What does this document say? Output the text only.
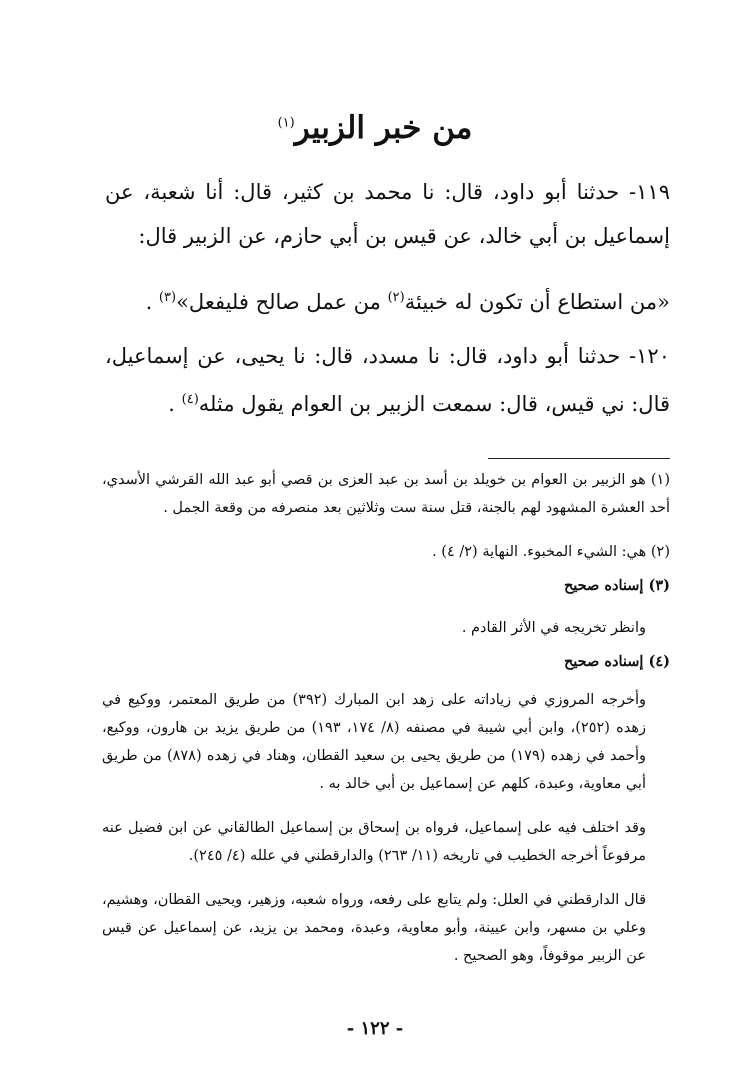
من خبر الزبير$^{(١)}$

١١٩- حدثنا أبو داود، قال: نا محمد بن كثير، قال: أنا شعبة، عن إسماعيل بن أبي خالد، عن قيس بن أبي حازم، عن الزبير قال:

«من استطاع أن تكون له خبيئة$^{(٢)}$ من عمل صالح فليفعل»$^{(٣)}$ .

١٢٠- حدثنا أبو داود، قال: نا مسدد، قال: نا يحيى، عن إسماعيل، قال: ني قيس، قال: سمعت الزبير بن العوام يقول مثله$^{(٤)}$ .

(١) هو الزبير بن العوام بن خويلد بن أسد بن عبد العزى بن قصي أبو عبد الله القرشي الأسدي، أحد العشرة المشهود لهم بالجنة، قتل سنة ست وثلاثين بعد منصرفه من وقعة الجمل .

(٢) هي: الشيء المخبوء. النهاية (٢/ ٤) .

(٣) إسناده صحيح

وانظر تخريجه في الأثر القادم .

(٤) إسناده صحيح

وأخرجه المروزي في زياداته على زهد ابن المبارك (٣٩٢) من طريق المعتمر، ووكيع في زهده (٢٥٢)، وابن أبي شيبة في مصنفه (٨/ ١٧٤، ١٩٣) من طريق يزيد بن هارون، ووكيع، وأحمد في زهده (١٧٩) من طريق يحيى بن سعيد القطان، وهناد في زهده (٨٧٨) من طريق أبي معاوية، وعبدة، كلهم عن إسماعيل بن أبي خالد به .

وقد اختلف فيه على إسماعيل، فرواه بن إسحاق بن إسماعيل الطالقاني عن ابن فضيل عنه مرفوعاً أخرجه الخطيب في تاريخه (١١/ ٢٦٣) والدارقطني في علله (٤/ ٢٤٥).

قال الدارقطني في العلل: ولم يتابع على رفعه، ورواه شعبه، وزهير، ويحيى القطان، وهشيم، وعلي بن مسهر، وابن عيينة، وأبو معاوية، وعبدة، ومحمد بن يزيد، عن إسماعيل عن قيس عن الزبير موقوفاً، وهو الصحيح .

- ١٢٢ -
